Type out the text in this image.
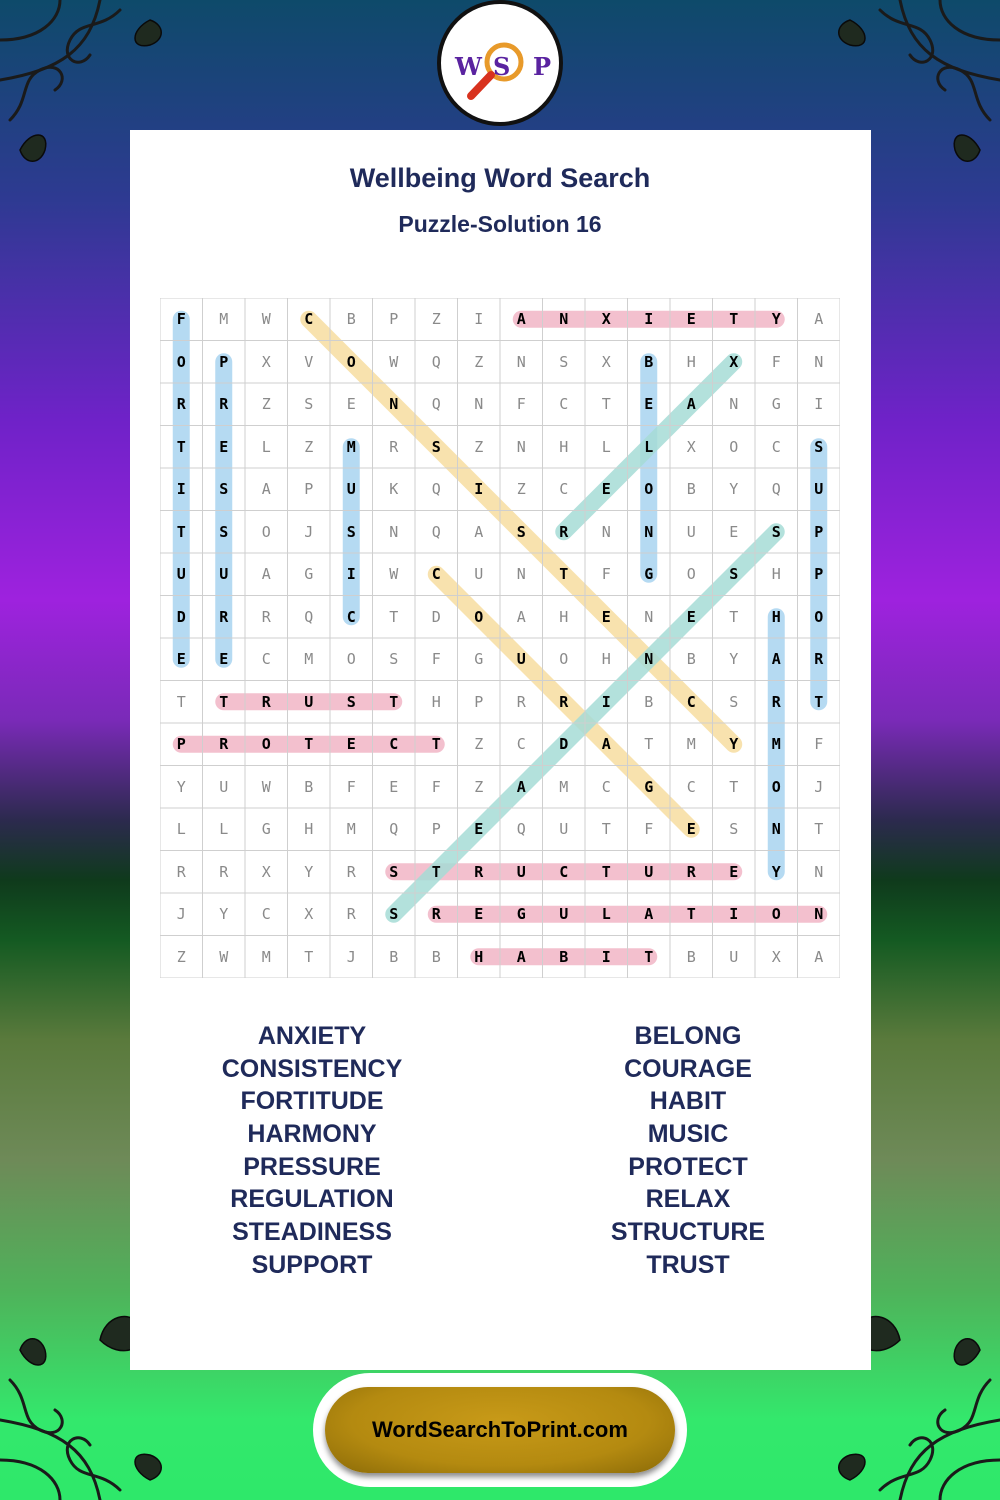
W S P
Wellbeing Word Search
Puzzle-Solution 16
F	M	W	C	B	P	Z	I	A	N	X	I	E	T	Y	A
O	P	X	V	O	W	Q	Z	N	S	X	B	H	X	F	N
R	R	Z	S	E	N	Q	N	F	C	T	E	A	N	G	I
T	E	L	Z	M	R	S	Z	N	H	L	L	X	O	C	S
I	S	A	P	U	K	Q	I	Z	C	E	O	B	Y	Q	U
T	S	O	J	S	N	Q	A	S	R	N	N	U	E	S	P
U	U	A	G	I	W	C	U	N	T	F	G	O	S	H	P
D	R	R	Q	C	T	D	O	A	H	E	N	E	T	H	O
E	E	C	M	O	S	F	G	U	O	H	N	B	Y	A	R
T	T	R	U	S	T	H	P	R	R	I	B	C	S	R	T
P	R	O	T	E	C	T	Z	C	D	A	T	M	Y	M	F
Y	U	W	B	F	E	F	Z	A	M	C	G	C	T	O	J
L	L	G	H	M	Q	P	E	Q	U	T	F	E	S	N	T
R	R	X	Y	R	S	T	R	U	C	T	U	R	E	Y	N
J	Y	C	X	R	S	R	E	G	U	L	A	T	I	O	N
Z	W	M	T	J	B	B	H	A	B	I	T	B	U	X	A
ANXIETY
CONSISTENCY
FORTITUDE
HARMONY
PRESSURE
REGULATION
STEADINESS
SUPPORT
BELONG
COURAGE
HABIT
MUSIC
PROTECT
RELAX
STRUCTURE
TRUST
WordSearchToPrint.com
